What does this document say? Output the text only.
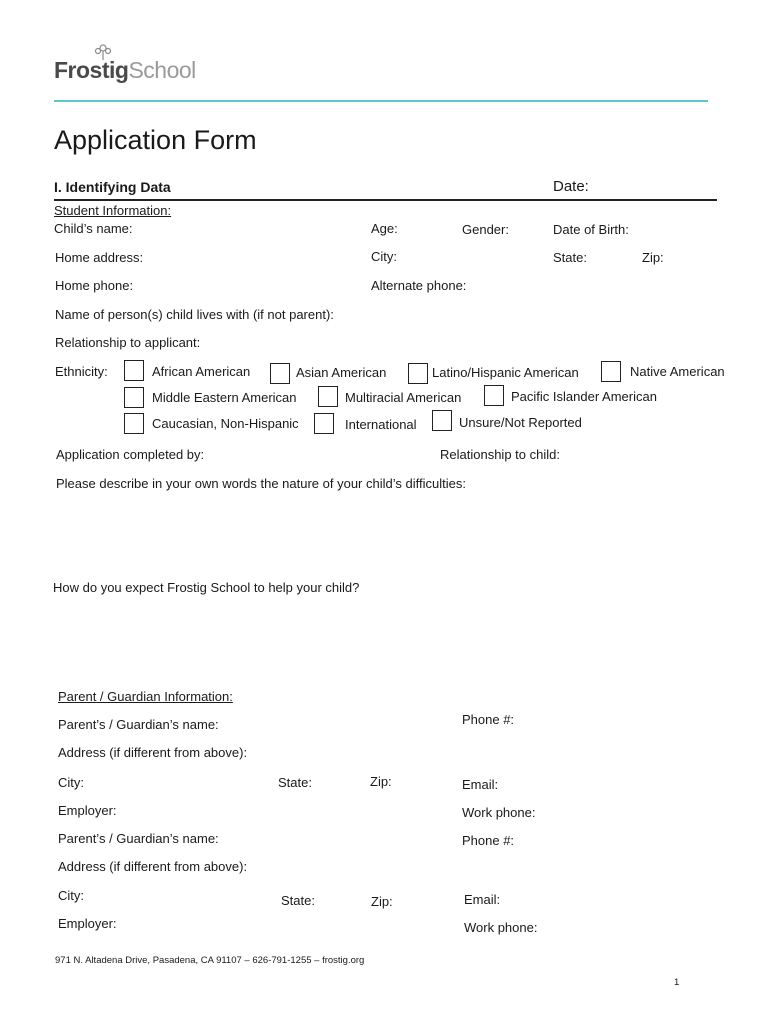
FrostigSchool
Application Form
I. Identifying Data	Date:
Student Information:
Child’s name:	Age:	Gender:	Date of Birth:
Home address:	City:	State:	Zip:
Home phone:	Alternate phone:
Name of person(s) child lives with (if not parent):
Relationship to applicant:
Ethnicity:	African American	Asian American	Latino/Hispanic American	Native American
Middle Eastern American	Multiracial American	Pacific Islander American
Caucasian, Non-Hispanic	International	Unsure/Not Reported
Application completed by:	Relationship to child:
Please describe in your own words the nature of your child’s difficulties:
How do you expect Frostig School to help your child?
Parent / Guardian Information:
Parent’s / Guardian’s name:	Phone #:
Address (if different from above):
City:	State:	Zip:	Email:
Employer:	Work phone:
Parent’s / Guardian’s name:	Phone #:
Address (if different from above):
City:	State:	Zip:	Email:
Employer:	Work phone:
971 N. Altadena Drive, Pasadena, CA 91107 – 626-791-1255 – frostig.org
1
